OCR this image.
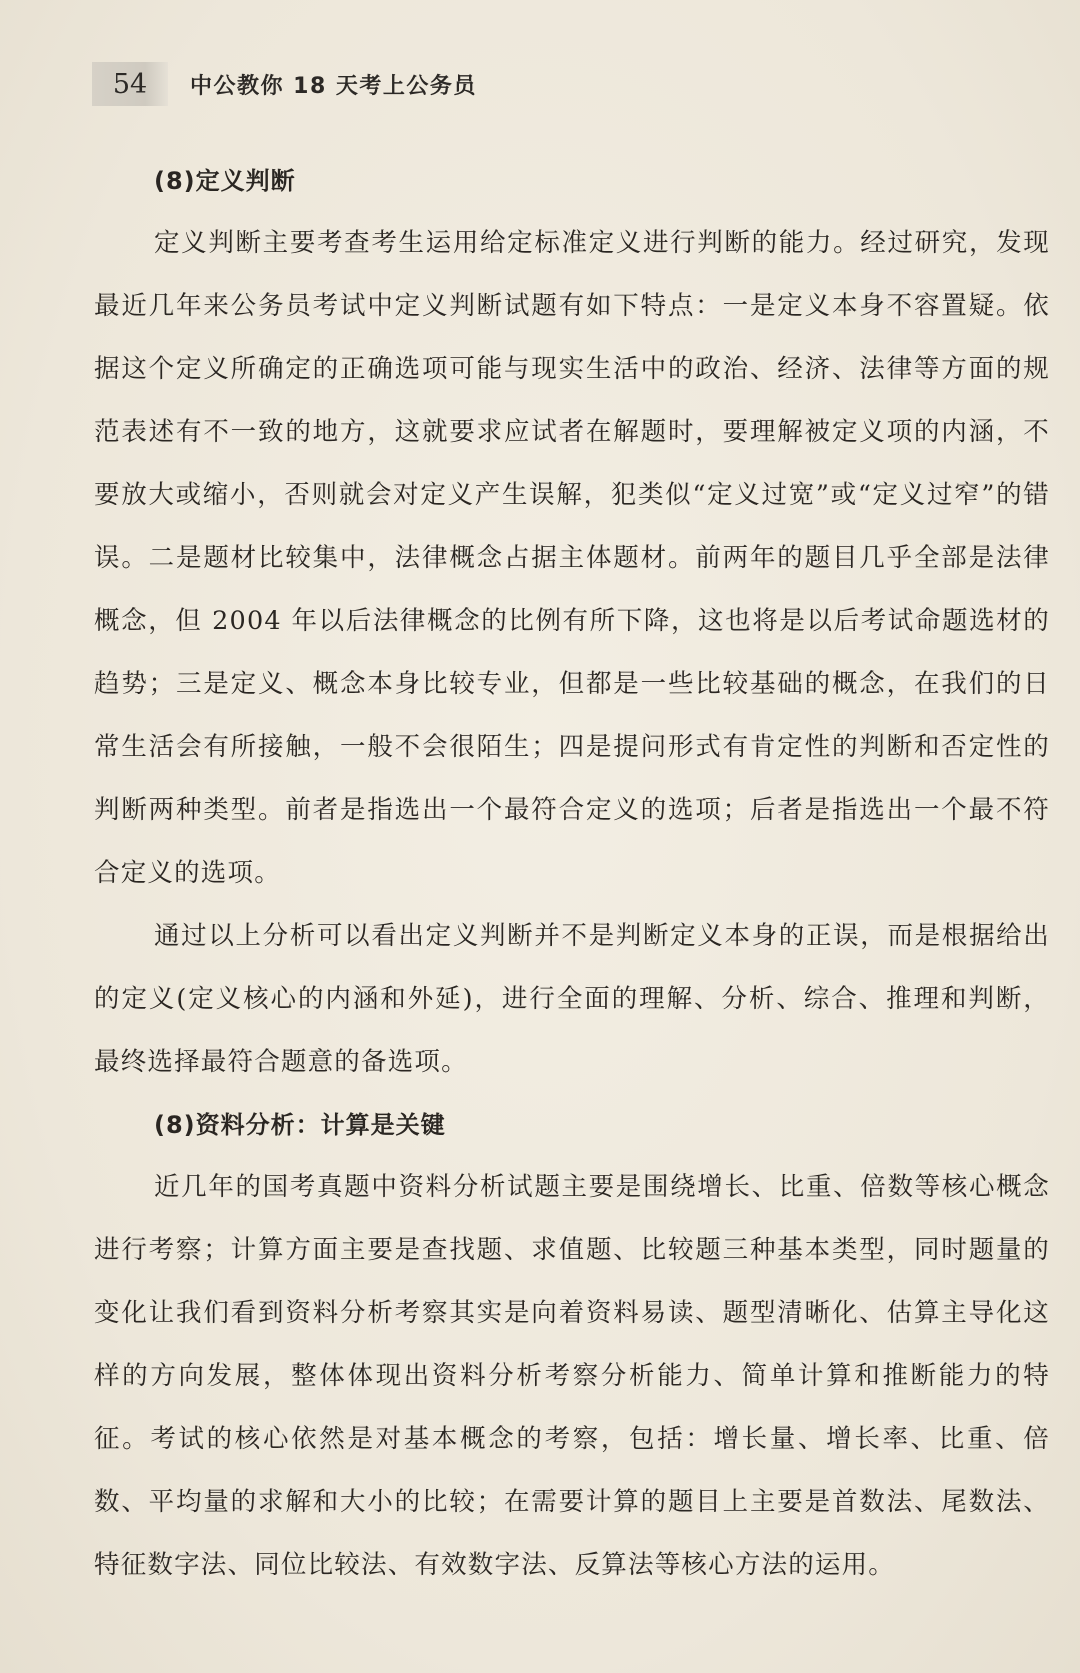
54	中公教你 18 天考上公务员

(8)定义判断

定义判断主要考查考生运用给定标准定义进行判断的能力。经过研究，发现最近几年来公务员考试中定义判断试题有如下特点：一是定义本身不容置疑。依据这个定义所确定的正确选项可能与现实生活中的政治、经济、法律等方面的规范表述有不一致的地方，这就要求应试者在解题时，要理解被定义项的内涵，不要放大或缩小，否则就会对定义产生误解，犯类似“定义过宽”或“定义过窄”的错误。二是题材比较集中，法律概念占据主体题材。前两年的题目几乎全部是法律概念，但 2004 年以后法律概念的比例有所下降，这也将是以后考试命题选材的趋势；三是定义、概念本身比较专业，但都是一些比较基础的概念，在我们的日常生活会有所接触，一般不会很陌生；四是提问形式有肯定性的判断和否定性的判断两种类型。前者是指选出一个最符合定义的选项；后者是指选出一个最不符合定义的选项。

通过以上分析可以看出定义判断并不是判断定义本身的正误，而是根据给出的定义(定义核心的内涵和外延)，进行全面的理解、分析、综合、推理和判断，最终选择最符合题意的备选项。

(8)资料分析：计算是关键

近几年的国考真题中资料分析试题主要是围绕增长、比重、倍数等核心概念进行考察；计算方面主要是查找题、求值题、比较题三种基本类型，同时题量的变化让我们看到资料分析考察其实是向着资料易读、题型清晰化、估算主导化这样的方向发展，整体体现出资料分析考察分析能力、简单计算和推断能力的特征。考试的核心依然是对基本概念的考察，包括：增长量、增长率、比重、倍数、平均量的求解和大小的比较；在需要计算的题目上主要是首数法、尾数法、特征数字法、同位比较法、有效数字法、反算法等核心方法的运用。
